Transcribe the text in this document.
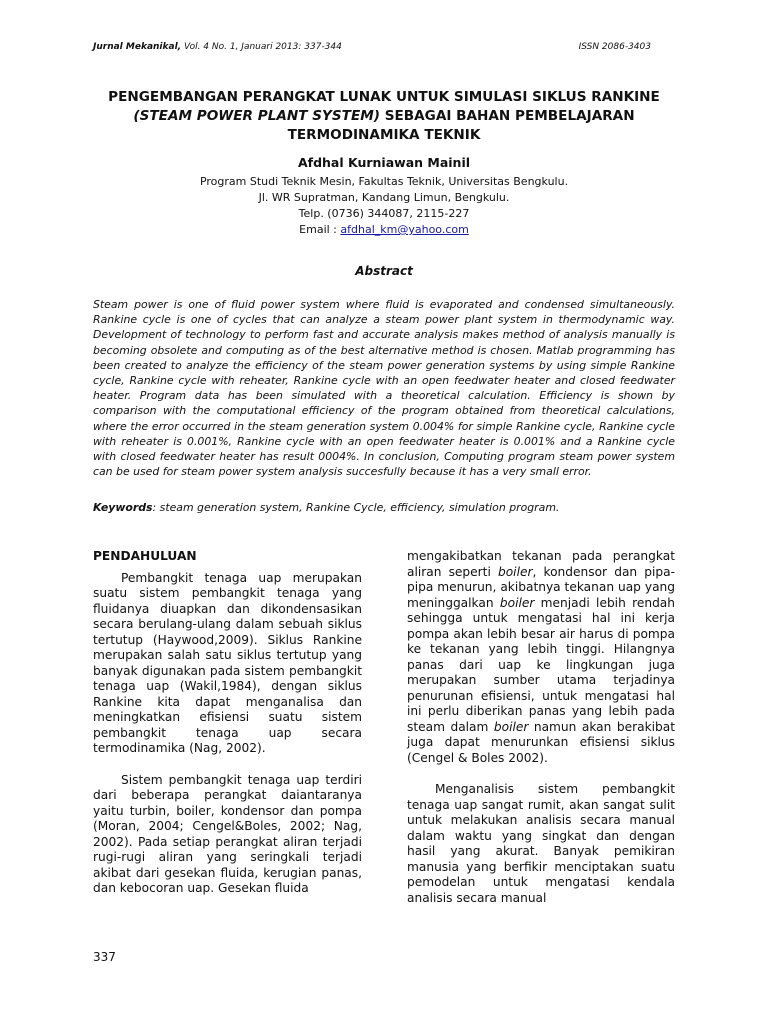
Jurnal Mekanikal, Vol. 4 No. 1, Januari 2013: 337-344	ISSN 2086-3403
PENGEMBANGAN PERANGKAT LUNAK UNTUK SIMULASI SIKLUS RANKINE
(STEAM POWER PLANT SYSTEM) SEBAGAI BAHAN PEMBELAJARAN
TERMODINAMIKA TEKNIK
Afdhal Kurniawan Mainil
Program Studi Teknik Mesin, Fakultas Teknik, Universitas Bengkulu.
Jl. WR Supratman, Kandang Limun, Bengkulu.
Telp. (0736) 344087, 2115-227
Email : afdhal_km@yahoo.com
Abstract
Steam power is one of fluid power system where fluid is evaporated and condensed simultaneously. Rankine cycle is one of cycles that can analyze a steam power plant system in thermodynamic way. Development of technology to perform fast and accurate analysis makes method of analysis manually is becoming obsolete and computing as of the best alternative method is chosen. Matlab programming has been created to analyze the efficiency of the steam power generation systems by using simple Rankine cycle, Rankine cycle with reheater, Rankine cycle with an open feedwater heater and closed feedwater heater. Program data has been simulated with a theoretical calculation. Efficiency is shown by comparison with the computational efficiency of the program obtained from theoretical calculations, where the error occurred in the steam generation system 0.004% for simple Rankine cycle, Rankine cycle with reheater is 0.001%, Rankine cycle with an open feedwater heater is 0.001% and a Rankine cycle with closed feedwater heater has result 0004%. In conclusion, Computing program steam power system can be used for steam power system analysis succesfully because it has a very small error.
Keywords: steam generation system, Rankine Cycle, efficiency, simulation program.
PENDAHULUAN

Pembangkit tenaga uap merupakan suatu sistem pembangkit tenaga yang fluidanya diuapkan dan dikondensasikan secara berulang-ulang dalam sebuah siklus tertutup (Haywood,2009). Siklus Rankine merupakan salah satu siklus tertutup yang banyak digunakan pada sistem pembangkit tenaga uap (Wakil,1984), dengan siklus Rankine kita dapat menganalisa dan meningkatkan efisiensi suatu sistem pembangkit tenaga uap secara termodinamika (Nag, 2002).

Sistem pembangkit tenaga uap terdiri dari beberapa perangkat daiantaranya yaitu turbin, boiler, kondensor dan pompa (Moran, 2004; Cengel&Boles, 2002; Nag, 2002). Pada setiap perangkat aliran terjadi rugi-rugi aliran yang seringkali terjadi akibat dari gesekan fluida, kerugian panas, dan kebocoran uap. Gesekan fluida

mengakibatkan tekanan pada perangkat aliran seperti boiler, kondensor dan pipa-pipa menurun, akibatnya tekanan uap yang meninggalkan boiler menjadi lebih rendah sehingga untuk mengatasi hal ini kerja pompa akan lebih besar air harus di pompa ke tekanan yang lebih tinggi. Hilangnya panas dari uap ke lingkungan juga merupakan sumber utama terjadinya penurunan efisiensi, untuk mengatasi hal ini perlu diberikan panas yang lebih pada steam dalam boiler namun akan berakibat juga dapat menurunkan efisiensi siklus (Cengel & Boles 2002).

Menganalisis sistem pembangkit tenaga uap sangat rumit, akan sangat sulit untuk melakukan analisis secara manual dalam waktu yang singkat dan dengan hasil yang akurat. Banyak pemikiran manusia yang berfikir menciptakan suatu pemodelan untuk mengatasi kendala analisis secara manual

337
